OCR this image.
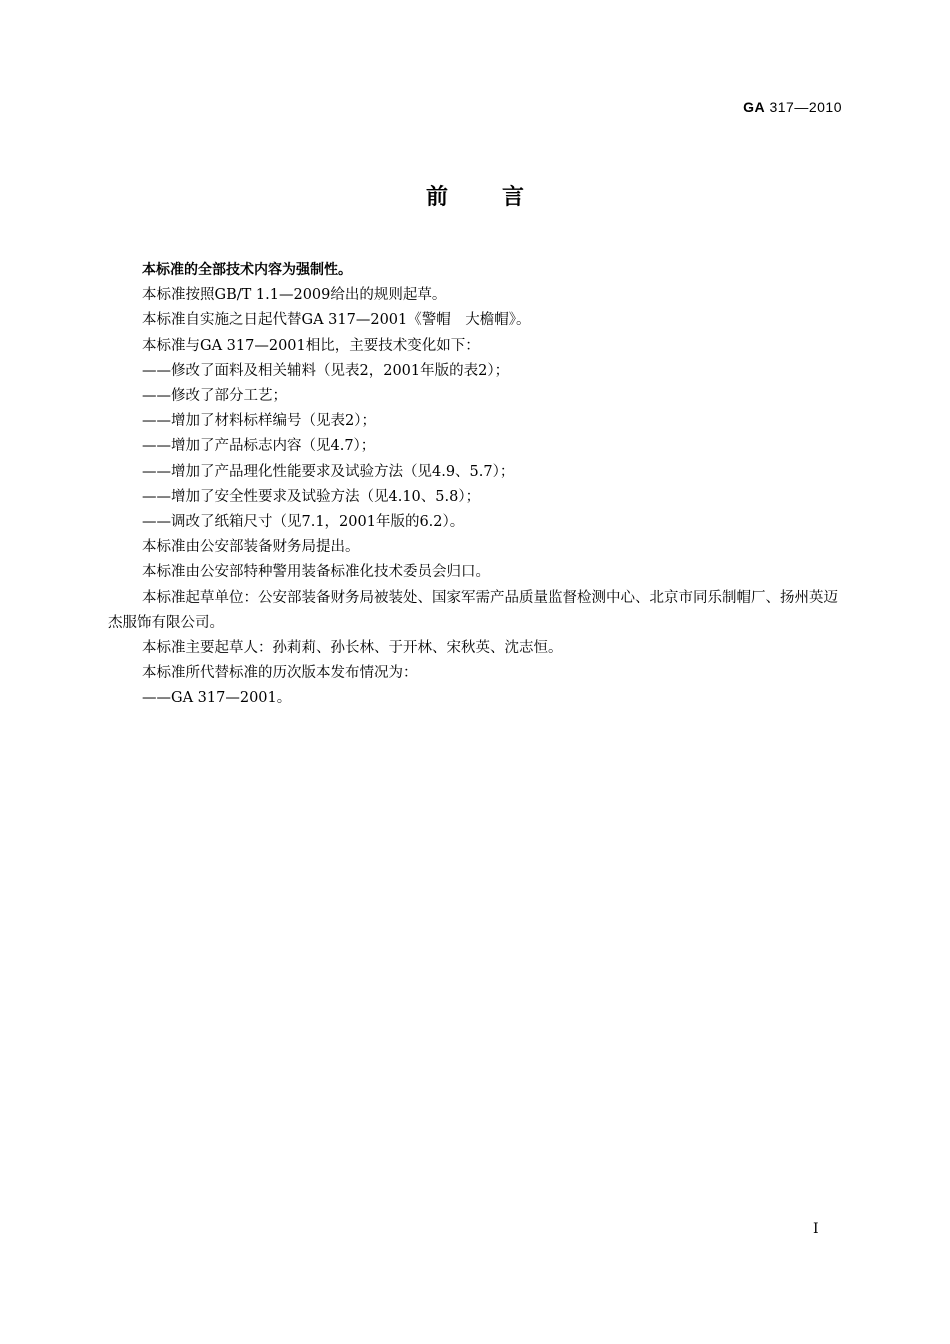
GA 317—2010
前言

本标准的全部技术内容为强制性。

本标准按照GB/T 1.1—2009给出的规则起草。

本标准自实施之日起代替GA 317—2001《警帽　大檐帽》。

本标准与GA 317—2001相比，主要技术变化如下：

——修改了面料及相关辅料（见表2，2001年版的表2）；

——修改了部分工艺；

——增加了材料标样编号（见表2）；

——增加了产品标志内容（见4.7）；

——增加了产品理化性能要求及试验方法（见4.9、5.7）；

——增加了安全性要求及试验方法（见4.10、5.8）；

——调改了纸箱尺寸（见7.1，2001年版的6.2）。

本标准由公安部装备财务局提出。

本标准由公安部特种警用装备标准化技术委员会归口。

本标准起草单位：公安部装备财务局被装处、国家军需产品质量监督检测中心、北京市同乐制帽厂、扬州英迈杰服饰有限公司。

本标准主要起草人：孙莉莉、孙长林、于开林、宋秋英、沈志恒。

本标准所代替标准的历次版本发布情况为：

——GA 317—2001。

I
